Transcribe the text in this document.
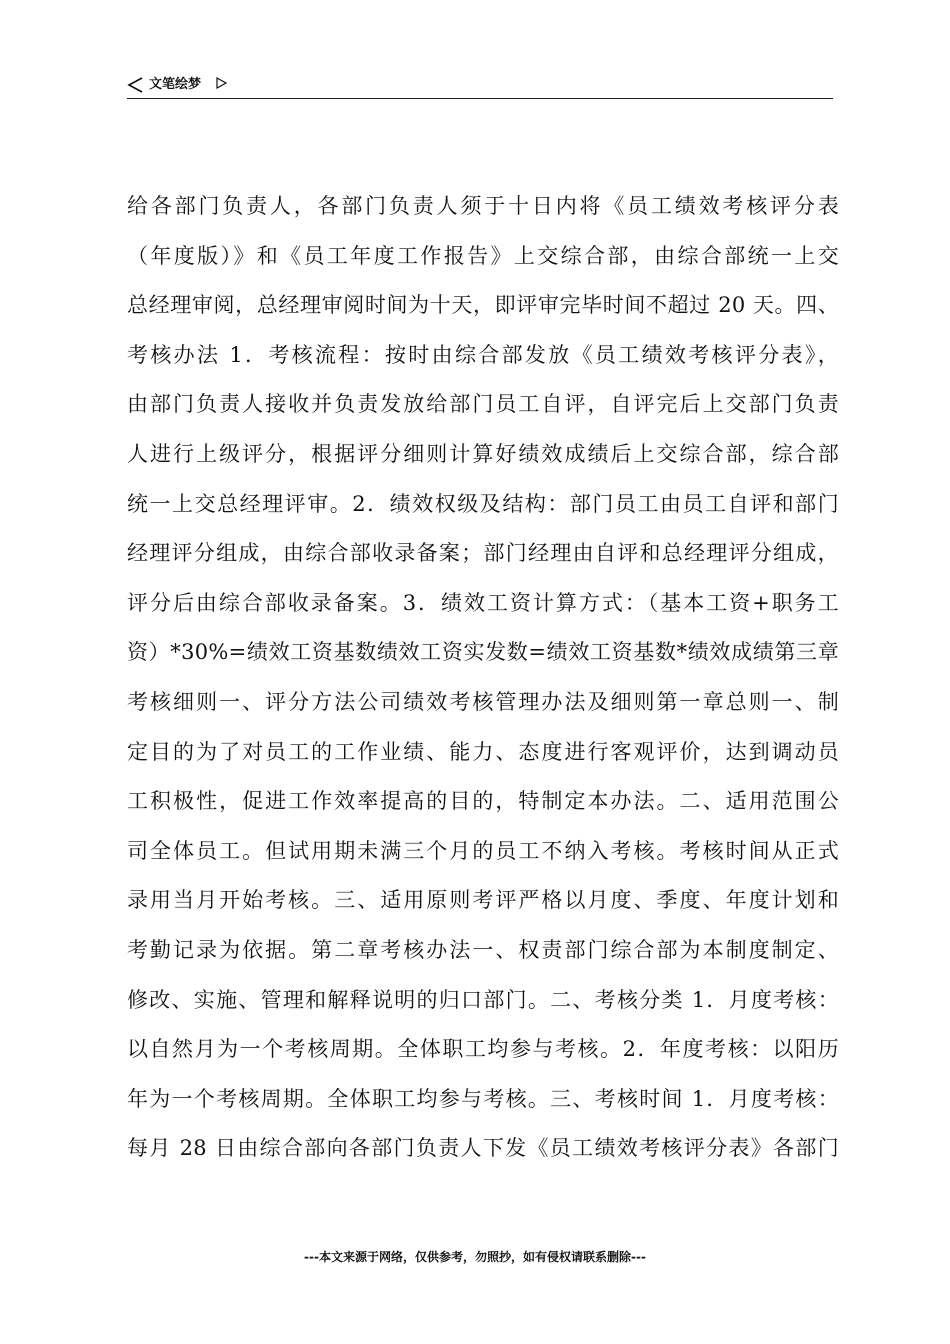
文笔绘梦
给各部门负责人，各部门负责人须于十日内将《员工绩效考核评分表
（年度版）》和《员工年度工作报告》上交综合部，由综合部统一上交
总经理审阅，总经理审阅时间为十天，即评审完毕时间不超过 20 天。四、
考核办法 1．考核流程：按时由综合部发放《员工绩效考核评分表》，
由部门负责人接收并负责发放给部门员工自评，自评完后上交部门负责
人进行上级评分，根据评分细则计算好绩效成绩后上交综合部，综合部
统一上交总经理评审。2．绩效权级及结构：部门员工由员工自评和部门
经理评分组成，由综合部收录备案；部门经理由自评和总经理评分组成，
评分后由综合部收录备案。3．绩效工资计算方式：（基本工资+职务工
资）*30%=绩效工资基数绩效工资实发数=绩效工资基数*绩效成绩第三章
考核细则一、评分方法公司绩效考核管理办法及细则第一章总则一、制
定目的为了对员工的工作业绩、能力、态度进行客观评价，达到调动员
工积极性，促进工作效率提高的目的，特制定本办法。二、适用范围公
司全体员工。但试用期未满三个月的员工不纳入考核。考核时间从正式
录用当月开始考核。三、适用原则考评严格以月度、季度、年度计划和
考勤记录为依据。第二章考核办法一、权责部门综合部为本制度制定、
修改、实施、管理和解释说明的归口部门。二、考核分类 1．月度考核：
以自然月为一个考核周期。全体职工均参与考核。2．年度考核：以阳历
年为一个考核周期。全体职工均参与考核。三、考核时间 1．月度考核：
每月 28 日由综合部向各部门负责人下发《员工绩效考核评分表》各部门
---本文来源于网络，仅供参考，勿照抄，如有侵权请联系删除---
